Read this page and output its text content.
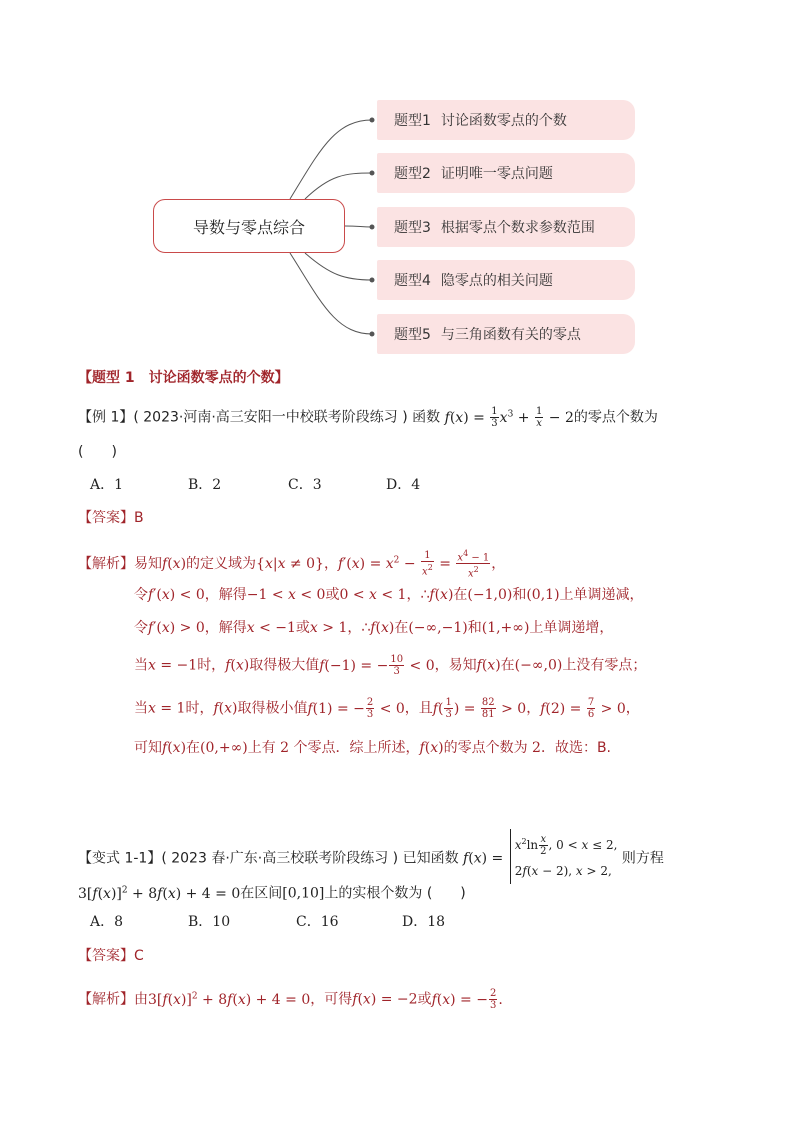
导数与零点综合
题型1 讨论函数零点的个数
题型2 证明唯一零点问题
题型3 根据零点个数求参数范围
题型4 隐零点的相关问题
题型5 与三角函数有关的零点
【题型 1　讨论函数零点的个数】
【例 1】( 2023·河南·高三安阳一中校联考阶段练习 ) 函数 $f(x) = \frac{1}{3} x^3 + \frac{1}{x} - 2$的零点个数为
(　　)
A．1	B．2	C．3	D．4
【答案】B
【解析】易知f(x)的定义域为{x|x ≠ 0}，$f'(x) = x^2 - \frac{1}{x^2} = \frac{x^4 - 1}{x^2}$ ，
令f′(x) < 0，解得−1 < x < 0或0 < x < 1，∴f(x)在(−1,0)和(0,1)上单调递减，
令f′(x) > 0，解得x < −1或x > 1，∴f(x)在(−∞,−1)和(1,+∞)上单调递增，
当x = −1时，f(x)取得极大值f(−1) = − $\frac{10}{3} < 0$，易知f(x)在(−∞,0)上没有零点；
当x = 1时，f(x)取得极小值f(1) = − $\frac{2}{3} < 0$，且$f( \frac{1}{3}$ ) = $\frac{82}{81} > 0$，$f(2) = \frac{7}{6} > 0$，
可知f(x)在(0,+∞)上有 2 个零点．综上所述，f(x)的零点个数为 2．故选：B.
【变式 1-1】( 2023 春·广东·高三校联考阶段练习 ) 已知函数 f(x) =
$x^2\ln \frac{x}{2}$ , 0 < x ≤ 2,
2f(x − 2), x > 2,
则方程
$3[f(x)]^2 + 8f(x) + 4 = 0$在区间[0,10]上的实根个数为 (　　)
A．8	B．10	C．16	D．18
【答案】C
【解析】由$3[f(x)]^2 + 8f(x) + 4 = 0$，可得f(x) = −2或f(x) = − $\frac{2}{3}$ .
